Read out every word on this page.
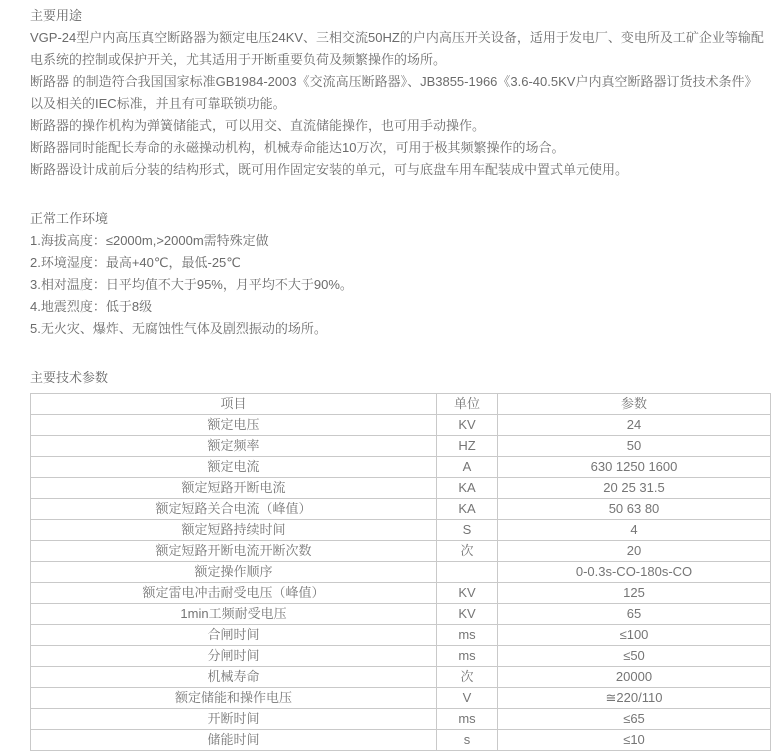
主要用途

VGP-24型户内高压真空断路器为额定电压24KV、三相交流50HZ的户内高压开关设备，适用于发电厂、变电所及工矿企业等输配电系统的控制或保护开关，尤其适用于开断重要负荷及频繁操作的场所。

断路器 的制造符合我国国家标准GB1984-2003《交流高压断路器》、JB3855-1966《3.6-40.5KV户内真空断路器订货技术条件》以及相关的IEC标准，并且有可靠联锁功能。

断路器的操作机构为弹簧储能式，可以用交、直流储能操作，也可用手动操作。

断路器同时能配长寿命的永磁操动机构，机械寿命能达10万次，可用于极其频繁操作的场合。

断路器设计成前后分装的结构形式，既可用作固定安装的单元，可与底盘车用车配装成中置式单元使用。

正常工作环境

1.海拔高度：≤2000m,>2000m需特殊定做

2.环境湿度：最高+40℃，最低-25℃

3.相对温度：日平均值不大于95%，月平均不大于90%。

4.地震烈度：低于8级

5.无火灾、爆炸、无腐蚀性气体及剧烈振动的场所。

主要技术参数
项目	单位	参数
额定电压	KV	24
额定频率	HZ	50
额定电流	A	630 1250 1600
额定短路开断电流	KA	20 25 31.5
额定短路关合电流（峰值）	KA	50 63 80
额定短路持续时间	S	4
额定短路开断电流开断次数	次	20
额定操作顺序		0-0.3s-CO-180s-CO
额定雷电冲击耐受电压（峰值）	KV	125
1min工频耐受电压	KV	65
合闸时间	ms	≤100
分闸时间	ms	≤50
机械寿命	次	20000
额定储能和操作电压	V	≅220/110
开断时间	ms	≤65
储能时间	s	≤10
